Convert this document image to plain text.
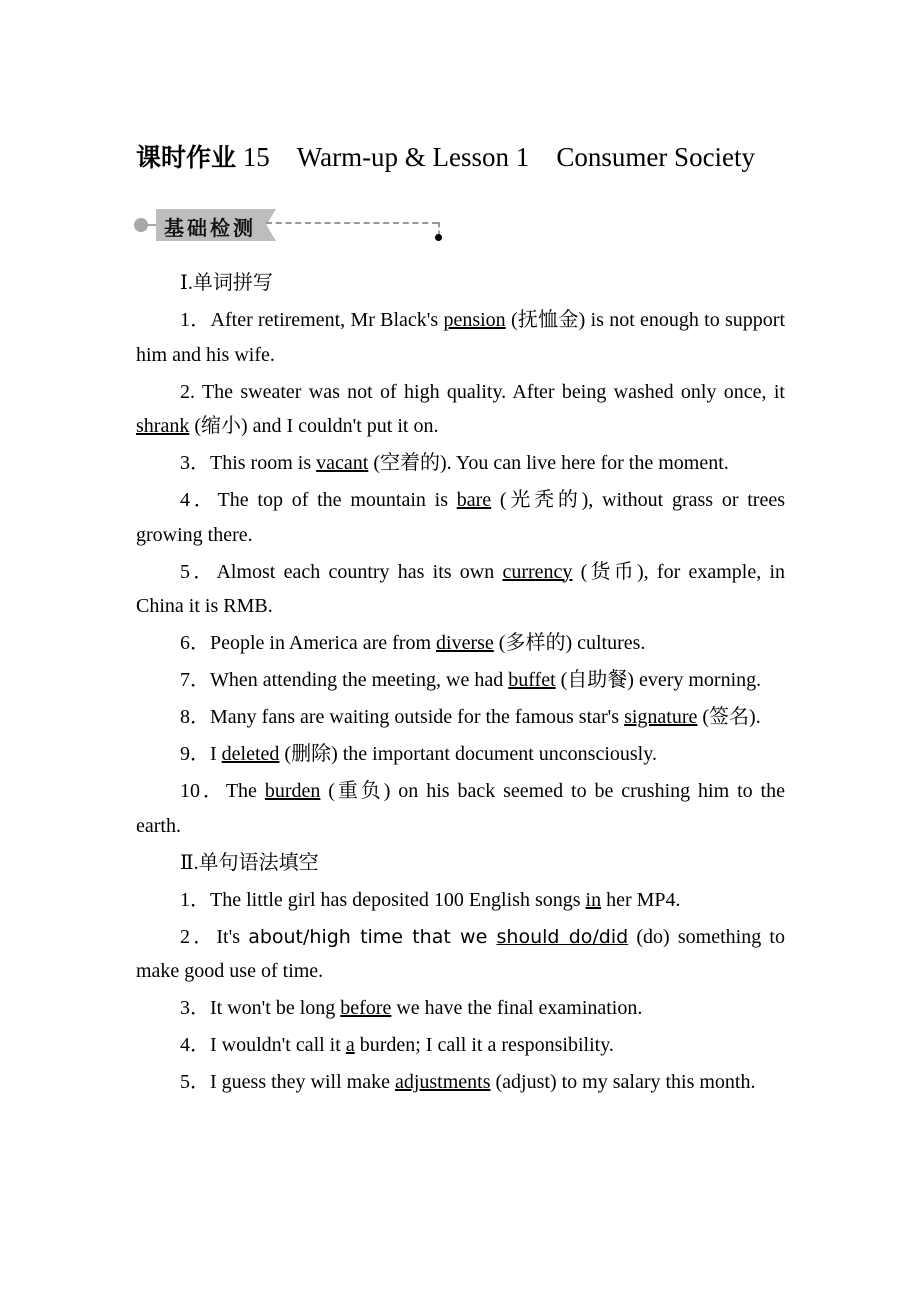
课时作业 15 Warm-up & Lesson 1 Consumer Society
基础检测

Ⅰ.单词拼写

1．After retirement, Mr Black's pension (抚恤金) is not enough to support him and his wife.

2. The sweater was not of high quality. After being washed only once, it shrank (缩小) and I couldn't put it on.

3．This room is vacant (空着的). You can live here for the moment.

4．The top of the mountain is bare (光秃的), without grass or trees growing there.

5．Almost each country has its own currency (货币), for example, in China it is RMB.

6．People in America are from diverse (多样的) cultures.

7．When attending the meeting, we had buffet (自助餐) every morning.

8．Many fans are waiting outside for the famous star's signature (签名).

9．I deleted (删除) the important document unconsciously.

10．The burden (重负) on his back seemed to be crushing him to the earth.

Ⅱ.单句语法填空

1．The little girl has deposited 100 English songs in her MP4.

2．It's about/high time that we should do/did (do) something to make good use of time.

3．It won't be long before we have the final examination.

4．I wouldn't call it a burden; I call it a responsibility.

5．I guess they will make adjustments (adjust) to my salary this month.
